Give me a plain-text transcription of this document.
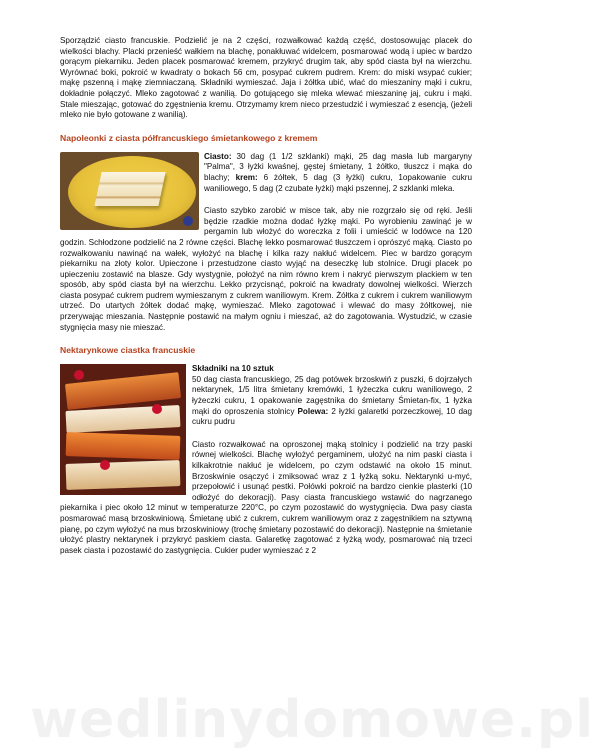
Sporządzić ciasto francuskie. Podzielić je na 2 części, rozwałkować każdą część, dostosowując placek do wielkości blachy. Placki przenieść wałkiem na blachę, ponakłuwać widelcem, posmarować wodą i upiec w bardzo gorącym piekarniku. Jeden placek posmarować kremem, przykryć drugim tak, aby spód ciasta był na wierzchu. Wyrównać boki, pokroić w kwadraty o bokach 56 cm, posypać cukrem pudrem. Krem: do miski wsypać cukier; mąkę pszenną i mąkę ziemniaczaną. Składniki wymieszać. Jaja i żółtka ubić, wlać do mieszaniny mąki i cukru, dokładnie połączyć. Mleko zagotować z wanilią. Do gotującego się mleka wlewać mieszaninę jaj, cukru i mąki. Stale mieszając, gotować do zgęstnienia kremu. Otrzymamy krem nieco przestudzić i wymieszać z esencją, (jeżeli mleko nie było gotowane z wanilią).

Napoleonki z ciasta półfrancuskiego śmietankowego z kremem

Ciasto: 30 dag (1 1/2 szklanki) mąki, 25 dag masła lub margaryny "Palma", 3 łyżki kwaśnej, gęstej śmietany, 1 żółtko, tłuszcz i mąka do blachy; krem: 6 żółtek, 5 dag (3 łyżki) cukru, 1opakowanie cukru waniliowego, 5 dag (2 czubate łyżki) mąki pszennej, 2 szklanki mleka.

Ciasto szybko zarobić w misce tak, aby nie rozgrzało się od ręki. Jeśli będzie rzadkie można dodać łyżkę mąki. Po wyrobieniu zawinąć je w pergamin lub włożyć do woreczka z folii i umieścić w lodówce na 120 godzin. Schłodzone podzielić na 2 równe części. Blachę lekko posmarować tłuszczem i oprószyć mąką. Ciasto po rozwałkowaniu nawinąć na wałek, wyłożyć na blachę i kilka razy nakłuć widelcem. Piec w bardzo gorącym piekarniku na złoty kolor. Upieczone i przestudzone ciasto wyjąć na deseczkę lub stolnice. Drugi placek po upieczeniu zostawić na blasze. Gdy wystygnie, położyć na nim równo krem i nakryć pierwszym plackiem w ten sposób, aby spód ciasta był na wierzchu. Lekko przycisnąć, pokroić na kwadraty dowolnej wielkości. Wierzch ciasta posypać cukrem pudrem wymieszanym z cukrem waniliowym. Krem. Żółtka z cukrem i cukrem waniliowym utrzeć. Do utartych żółtek dodać mąkę, wymieszać. Mleko zagotować i wlewać do masy żółtkowej, nie przerywając mieszania. Następnie postawić na małym ogniu i mieszać, aż do zagotowania. Wystudzić, w czasie stygnięcia masy nie mieszać.

Nektarynkowe ciastka francuskie

Składniki na 10 sztuk

50 dag ciasta francuskiego, 25 dag potówek brzoskwiń z puszki, 6 dojrzałych nektarynek, 1/5 litra śmietany kremówki, 1 łyżeczka cukru waniliowego, 2 łyżeczki cukru, 1 opakowanie zagęstnika do śmietany Śmietan-fix, 1 łyżka mąki do oproszenia stolnicy Polewa: 2 łyżki galaretki porzeczkowej, 10 dag cukru pudru

Ciasto rozwałkować na oproszonej mąką stolnicy i podzielić na trzy paski równej wielkości. Blachę wyłożyć pergaminem, ułożyć na nim paski ciasta i kilkakrotnie nakłuć je widelcem, po czym odstawić na około 15 minut. Brzoskwinie osączyć i zmiksować wraz z 1 łyżką soku. Nektarynki u-myć, przepołowić i usunąć pestki. Połówki pokroić na bardzo cienkie plasterki (10 odłożyć do dekoracji). Pasy ciasta francuskiego wstawić do nagrzanego piekarnika i piec około 12 minut w temperaturze 220°C, po czym pozostawić do wystygnięcia. Dwa pasy ciasta posmarować masą brzoskwiniową. Śmietanę ubić z cukrem, cukrem waniliowym oraz z zagęstnikiem na sztywną pianę, po czym wyłożyć na mus brzoskwiniowy (trochę śmietany pozostawić do dekoracji). Następnie na śmietanie ułożyć plastry nektarynek i przykryć paskiem ciasta. Galaretkę zagotować z łyżką wody, posmarować nią trzeci pasek ciasta i pozostawić do zastygnięcia. Cukier puder wymieszać z 2

wedlinydomowe.pl
